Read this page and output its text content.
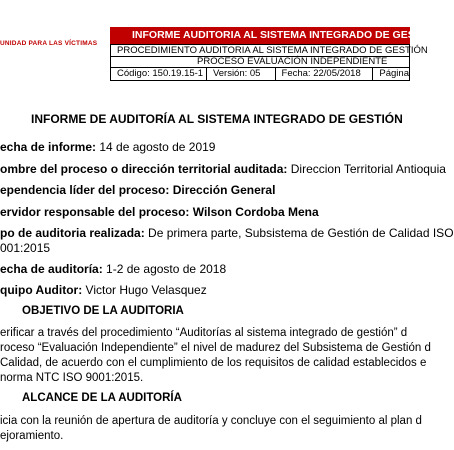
UNIDAD PARA LAS VÍCTIMAS
INFORME AUDITORIA AL SISTEMA INTEGRADO DE GESTIÓN
PROCEDIMIENTO AUDITORIA AL SISTEMA INTEGRADO DE GESTIÓN
PROCESO EVALUACIÓN INDEPENDIENTE
Código: 150.19.15-1	Versión: 05	Fecha: 22/05/2018	Página
INFORME DE AUDITORÍA AL SISTEMA INTEGRADO DE GESTIÓN
echa de informe: 14 de agosto de 2019
ombre del proceso o dirección territorial auditada: Direccion Territorial Antioquia
ependencia líder del proceso: Dirección General
ervidor responsable del proceso: Wilson Cordoba Mena
po de auditoria realizada: De primera parte, Subsistema de Gestión de Calidad ISO
001:2015
echa de auditoría: 1-2 de agosto de 2018
quipo Auditor: Victor Hugo Velasquez
OBJETIVO DE LA AUDITORIA
erificar a través del procedimiento “Auditorías al sistema integrado de gestión” d
roceso “Evaluación Independiente” el nivel de madurez del Subsistema de Gestión d
Calidad, de acuerdo con el cumplimiento de los requisitos de calidad establecidos e
norma NTC ISO 9001:2015.
ALCANCE DE LA AUDITORÍA
icia con la reunión de apertura de auditoría y concluye con el seguimiento al plan d
ejoramiento.
